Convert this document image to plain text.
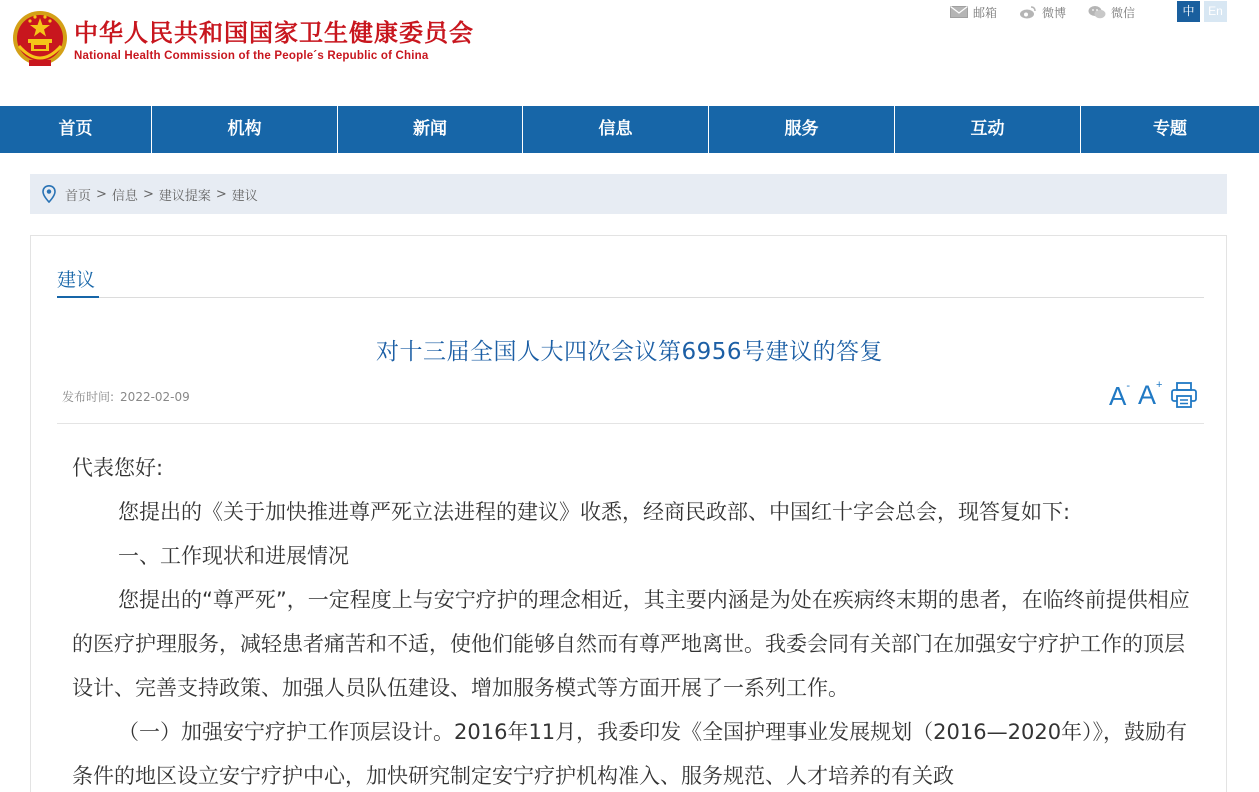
中华人民共和国国家卫生健康委员会
National Health Commission of the People´s Republic of China
邮箱	微博	微信	中	En
首页	机构	新闻	信息	服务	互动	专题
首页 > 信息 > 建议提案 > 建议
建议
对十三届全国人大四次会议第6956号建议的答复
发布时间: 2022-02-09	A- A+

代表您好:

您提出的《关于加快推进尊严死立法进程的建议》收悉，经商民政部、中国红十字会总会，现答复如下:

一、工作现状和进展情况

您提出的“尊严死”，一定程度上与安宁疗护的理念相近，其主要内涵是为处在疾病终末期的患者，在临终前提供相应的医疗护理服务，减轻患者痛苦和不适，使他们能够自然而有尊严地离世。我委会同有关部门在加强安宁疗护工作的顶层设计、完善支持政策、加强人员队伍建设、增加服务模式等方面开展了一系列工作。

（一）加强安宁疗护工作顶层设计。2016年11月，我委印发《全国护理事业发展规划（2016—2020年）》，鼓励有条件的地区设立安宁疗护中心，加快研究制定安宁疗护机构准入、服务规范、人才培养的有关政
